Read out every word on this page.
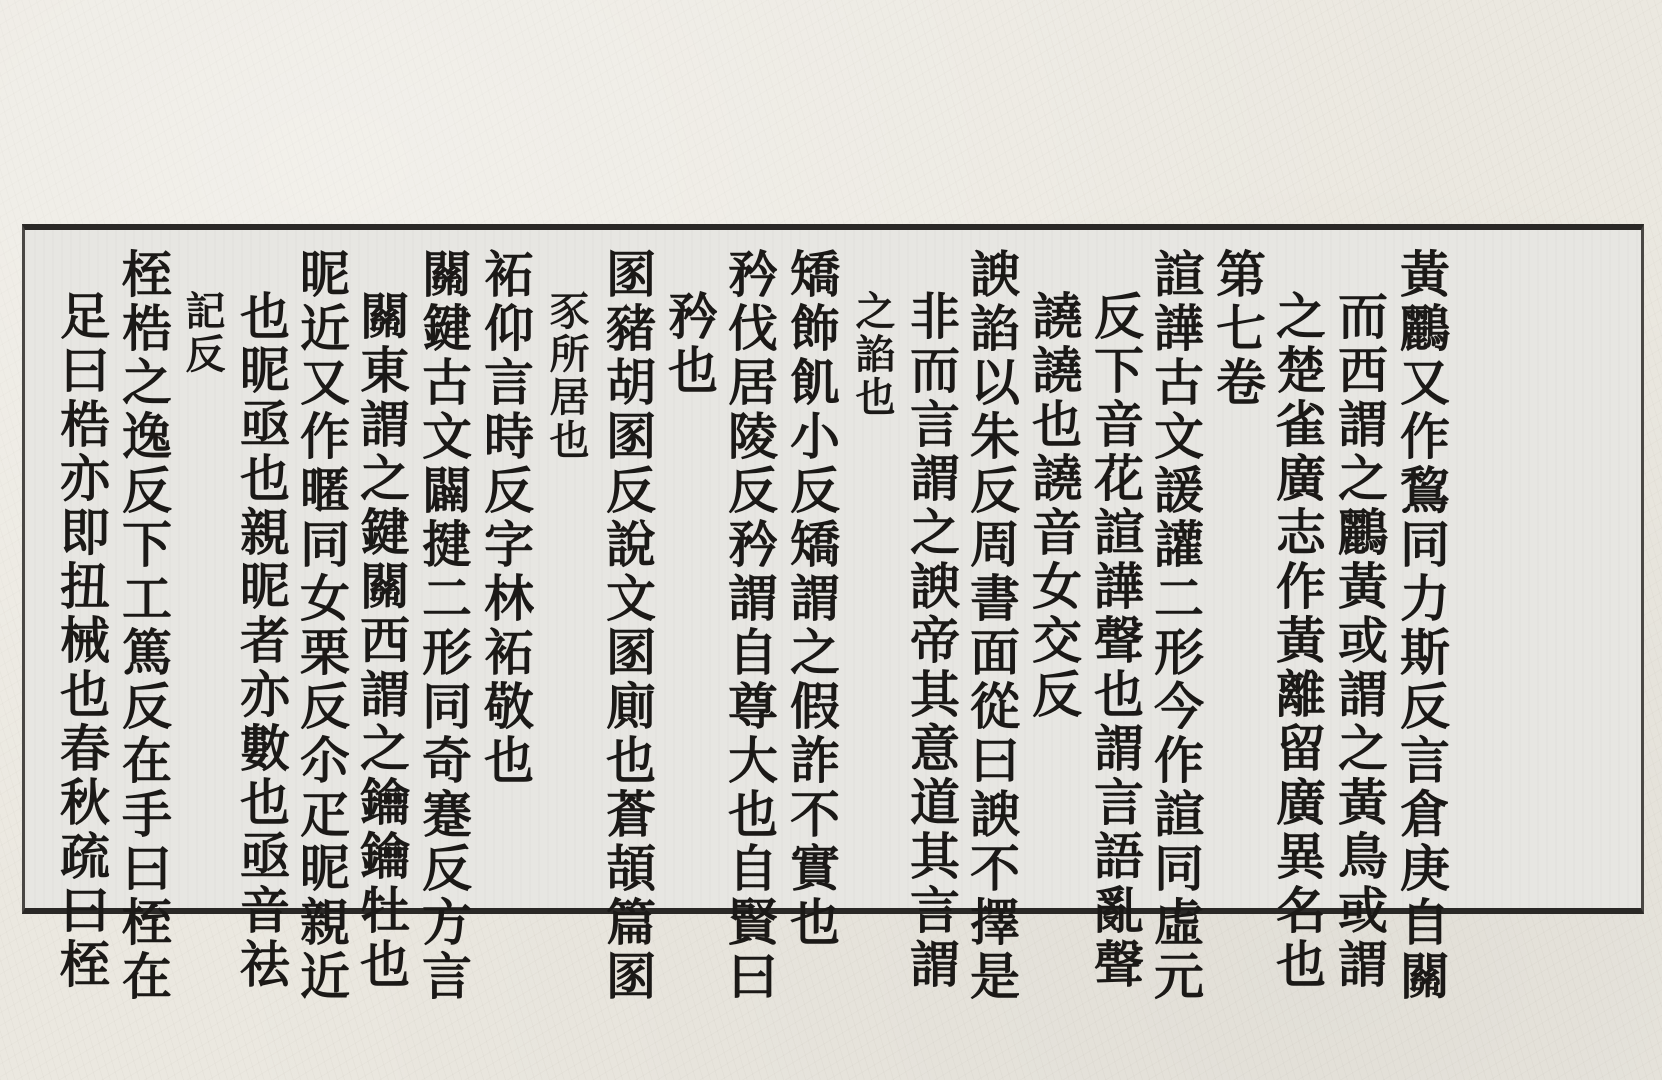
黃鸝又作鵹同力斯反言倉庚自關
而西謂之鸝黃或謂之黃鳥或謂
之楚雀廣志作黃離留廣異名也
第七卷
諠譁古文諼讙二形今作諠同虛元
反下音花諠譁聲也謂言語亂聲
譊譊也譊音女交反
諛諂以朱反周書面從曰諛不擇是
非而言謂之諛帝其意道其言謂
之諂也
矯飾飢小反矯謂之假詐不實也
矜伐居陵反矜謂自尊大也自賢曰
矜也
圂豬胡圂反說文圂廁也蒼頡篇圂
豕所居也
袥仰言時反字林袥敬也
關鍵古文闢揵二形同奇蹇反方言
關東謂之鍵關西謂之鑰鑰牡也
昵近又作暱同女栗反尒疋昵親近
也昵亟也親昵者亦數也亟音祛
記反
桎梏之逸反下工篤反在手曰桎在
足曰梏亦即扭械也春秋疏曰桎
